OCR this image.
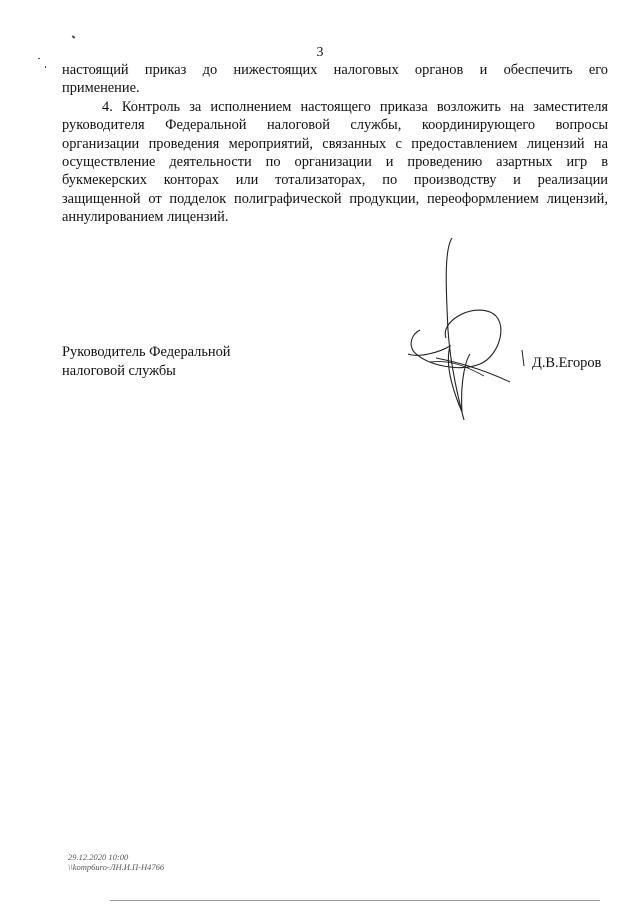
3

настоящий приказ до нижестоящих налоговых органов и обеспечить его
применение.

4. Контроль за исполнением настоящего приказа возложить на заместителя
руководителя Федеральной налоговой службы, координирующего вопросы
организации проведения мероприятий, связанных с предоставлением лицензий на
осуществление деятельности по организации и проведению азартных игр в
букмекерских конторах или тотализаторах, по производству и реализации
защищенной от подделок полиграфической продукции, переоформлением лицензий,
аннулированием лицензий.

Руководитель Федеральной
налоговой службы	Д.В.Егоров
29.12.2020 10:00
\\komp6uro-ЛН.И.П-Н4766
